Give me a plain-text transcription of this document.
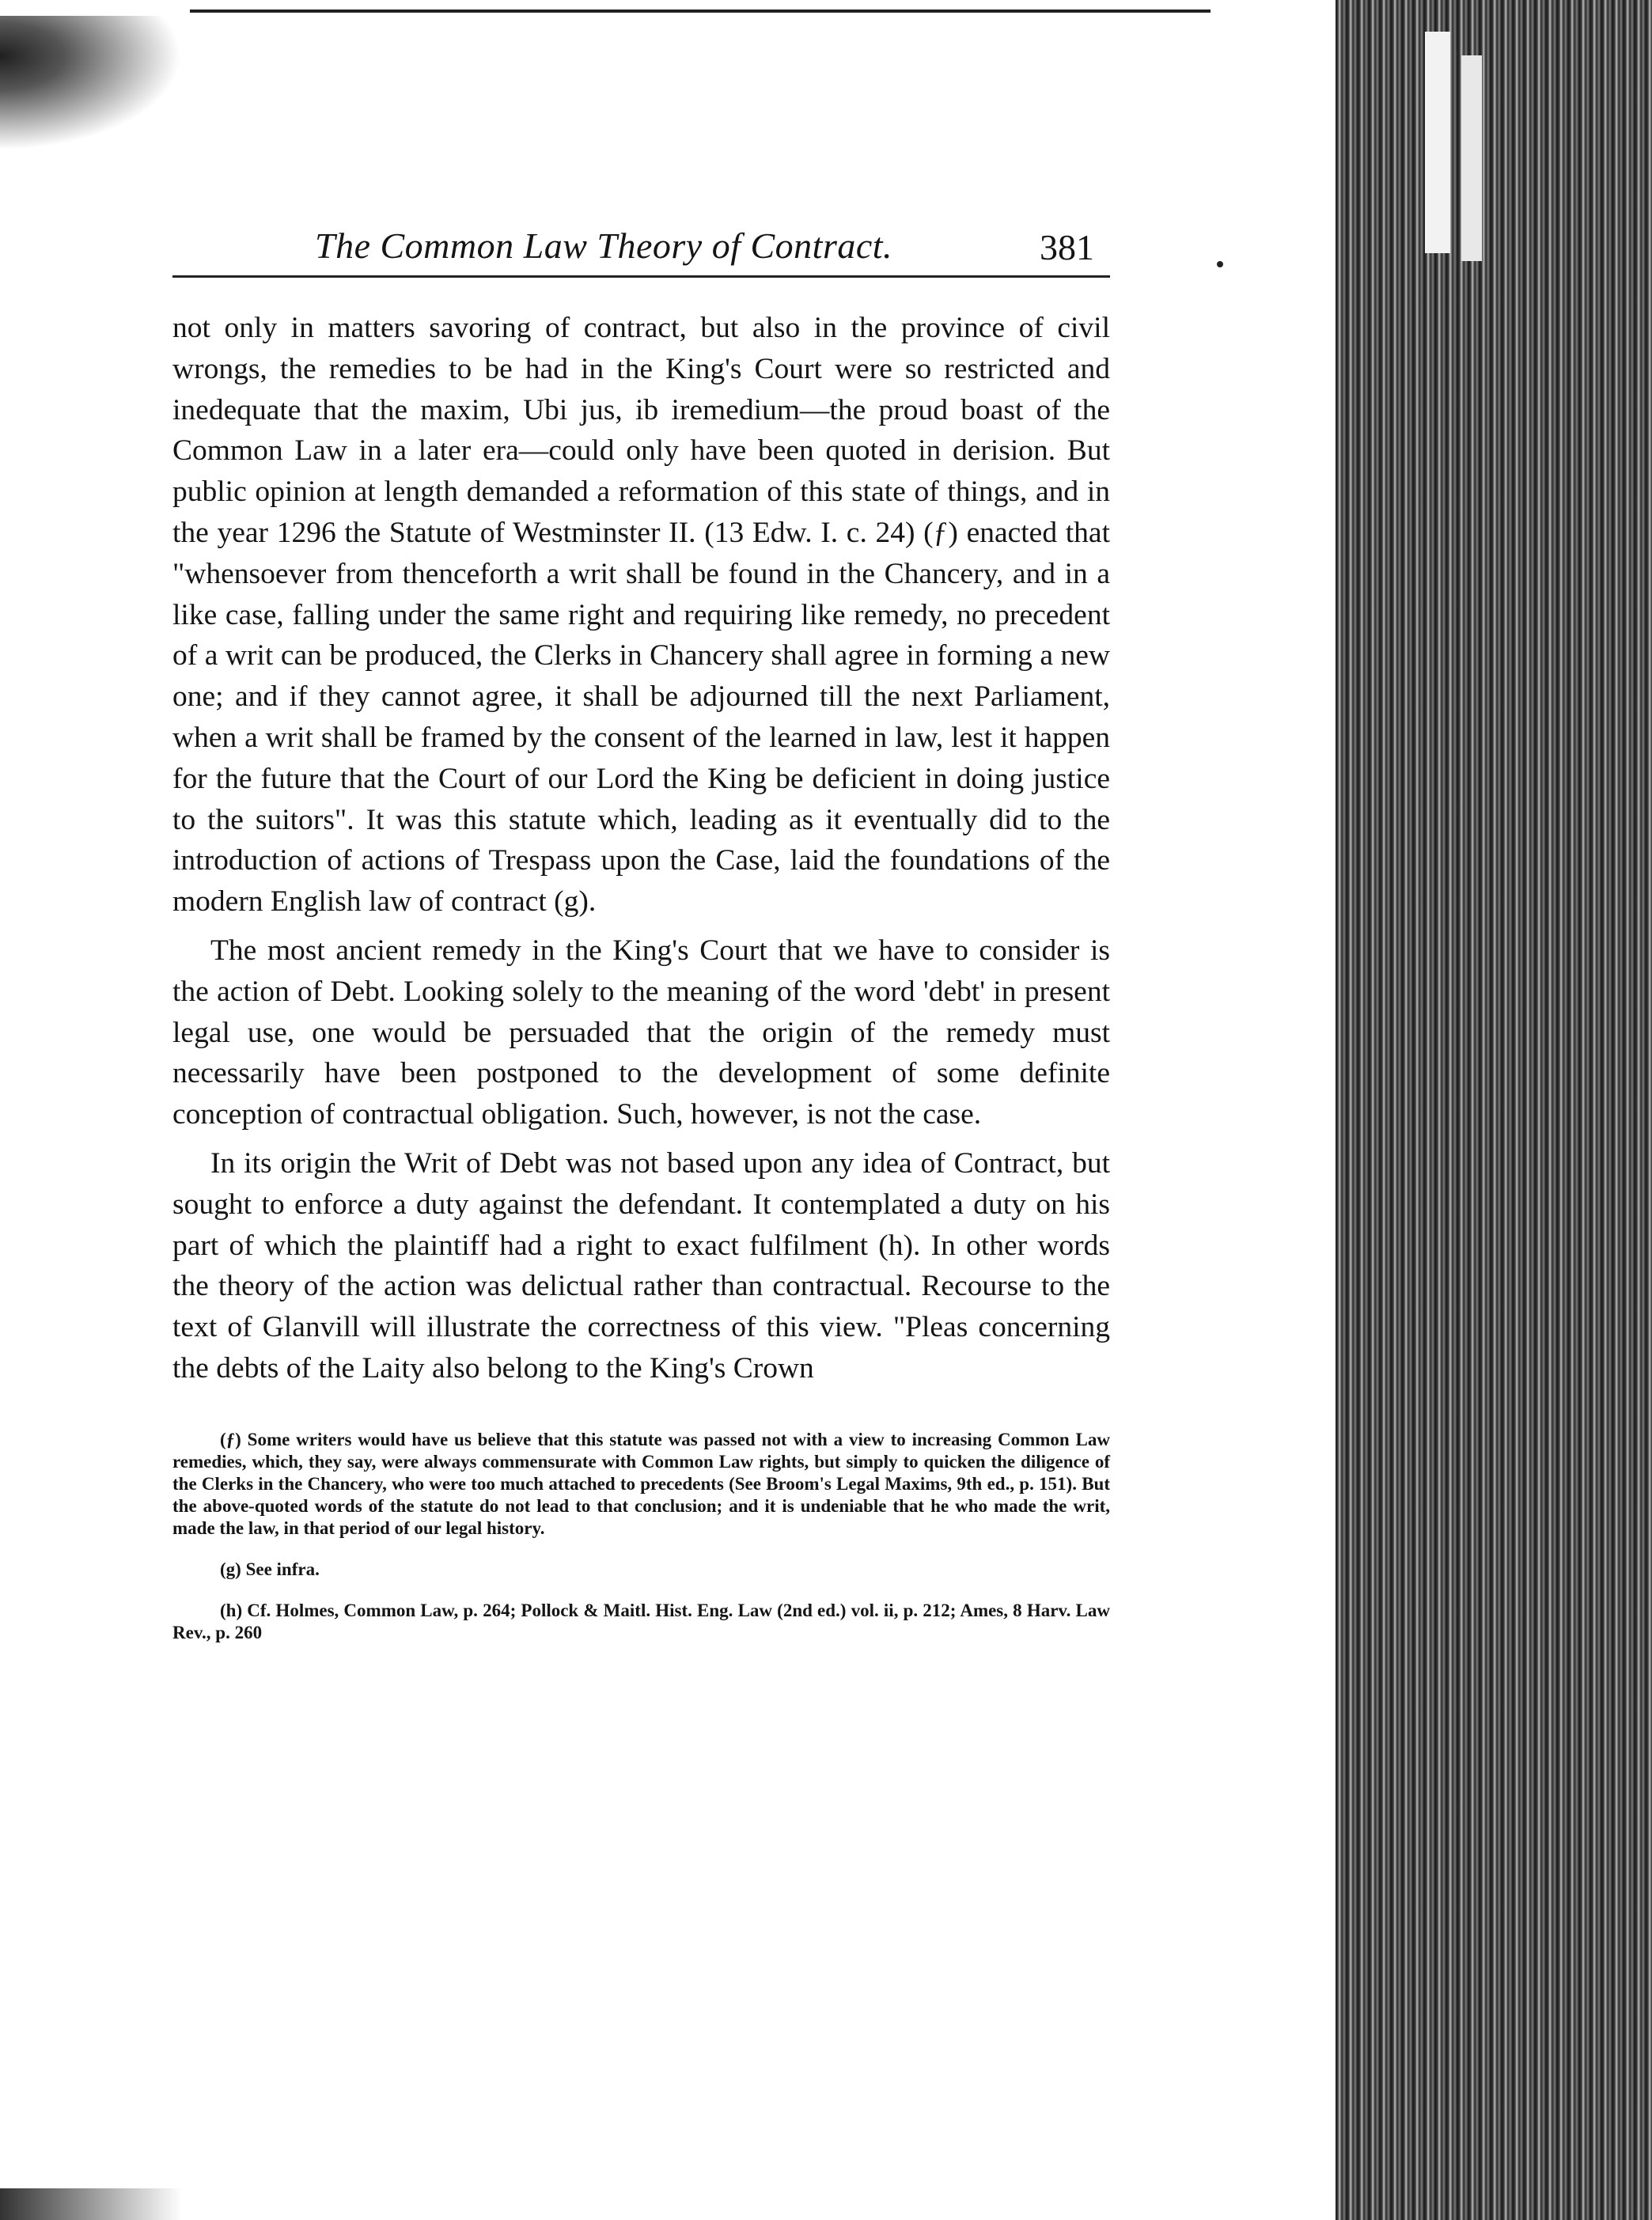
The Common Law Theory of Contract.	381

not only in matters savoring of contract, but also in the province of civil wrongs, the remedies to be had in the King's Court were so restricted and inedequate that the maxim, Ubi jus, ib iremedium—the proud boast of the Common Law in a later era—could only have been quoted in derision. But public opinion at length demanded a reformation of this state of things, and in the year 1296 the Statute of Westminster II. (13 Edw. I. c. 24) (ƒ) enacted that "whensoever from thenceforth a writ shall be found in the Chancery, and in a like case, falling under the same right and requiring like remedy, no precedent of a writ can be produced, the Clerks in Chancery shall agree in forming a new one; and if they cannot agree, it shall be adjourned till the next Parliament, when a writ shall be framed by the consent of the learned in law, lest it happen for the future that the Court of our Lord the King be deficient in doing justice to the suitors". It was this statute which, leading as it eventually did to the introduction of actions of Trespass upon the Case, laid the foundations of the modern English law of contract (g).

The most ancient remedy in the King's Court that we have to consider is the action of Debt. Looking solely to the meaning of the word 'debt' in present legal use, one would be persuaded that the origin of the remedy must necessarily have been postponed to the development of some definite conception of contractual obligation. Such, however, is not the case.

In its origin the Writ of Debt was not based upon any idea of Contract, but sought to enforce a duty against the defendant. It contemplated a duty on his part of which the plaintiff had a right to exact fulfilment (h). In other words the theory of the action was delictual rather than contractual. Recourse to the text of Glanvill will illustrate the correctness of this view. "Pleas concerning the debts of the Laity also belong to the King's Crown

(ƒ) Some writers would have us believe that this statute was passed not with a view to increasing Common Law remedies, which, they say, were always commensurate with Common Law rights, but simply to quicken the diligence of the Clerks in the Chancery, who were too much attached to precedents (See Broom's Legal Maxims, 9th ed., p. 151). But the above-quoted words of the statute do not lead to that conclusion; and it is undeniable that he who made the writ, made the law, in that period of our legal history.

(g) See infra.

(h) Cf. Holmes, Common Law, p. 264; Pollock & Maitl. Hist. Eng. Law (2nd ed.) vol. ii, p. 212; Ames, 8 Harv. Law Rev., p. 260
